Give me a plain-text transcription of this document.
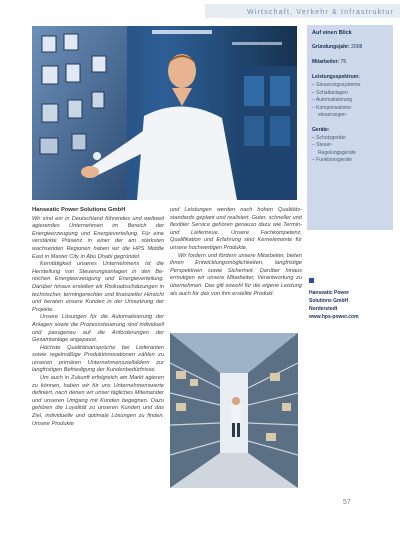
Wirtschaft, Verkehr & Infrastruktur
Auf einen Blick
Gründungsjahr: 2008
Mitarbeiter: 75
Leistungsspektrum:
– Steuerungssysteme
– Schaltanlagen
– Automatisierung
– Kompensations-
steuerungen
Geräte:
– Schutzgeräte
– Steuer-
Regelungsgeräte
– Funktionsgeräte
Hanseatic Power
Solutions GmbH
Norderstedt
www.hps-power.com
Hanseatic Power Solutions GmbH

Wir sind ein in Deutschland führendes und weltweit agierendes Unternehmen im Bereich der Energieerzeugung und Energieverteilung. Für eine verstärkte Präsenz in einer der am stärksten wachsenden Regionen haben wir die HPS Middle East in Master City in Abu Dhabi gegründet.

Kerntätigkeit unseres Unternehmens ist die Herstellung von Steuerungsanlagen in den Bereichen Energieerzeugung und Energieverteilung. Darüber hinaus erstellen wir Risikoabschätzungen in technischer, termingerechter und finanzieller Hinsicht und beraten unsere Kunden in der Umsetzung der Projekte.

Unsere Lösungen für die Automatisierung der Anlagen sowie die Prozesssteuerung sind individuell und passgenau auf die Anforderungen der Gesamtanlage angepasst.

Höchste Qualitätsansprüche bei Lieferanten sowie regelmäßige Produktinnovationen zählen zu unseren primären Unternehmenszielbildern zur langfristigen Befriedigung der Kundenbedürfnisse.

Um auch in Zukunft erfolgreich am Markt agieren zu können, haben wir für uns Unternehmenswerte definiert, nach denen wir unser tägliches Miteinander und unseren Umgang mit Kunden begegnen. Dazu gehören die Loyalität zu unseren Kunden und das Ziel, individuelle und optimale Lösungen zu finden. Unsere Produkte

und Leistungen werden nach hohen Qualitätsstandards geplant und realisiert. Guter, schneller und flexibler Service gehören genauso dazu wie Termin- und Liefertreue. Unsere Fachkompetenz, Qualifikation und Erfahrung sind Kernelemente für unsere hochwertigen Produkte.

Wir fordern und fördern unsere Mitarbeiter, bieten ihnen Entwicklungsmöglichkeiten, langfristige Perspektiven sowie Sicherheit. Darüber hinaus ermutigen wir unsere Mitarbeiter, Verantwortung zu übernehmen. Das gilt sowohl für die eigene Leistung als auch für das von ihm erstellte Produkt.

57
